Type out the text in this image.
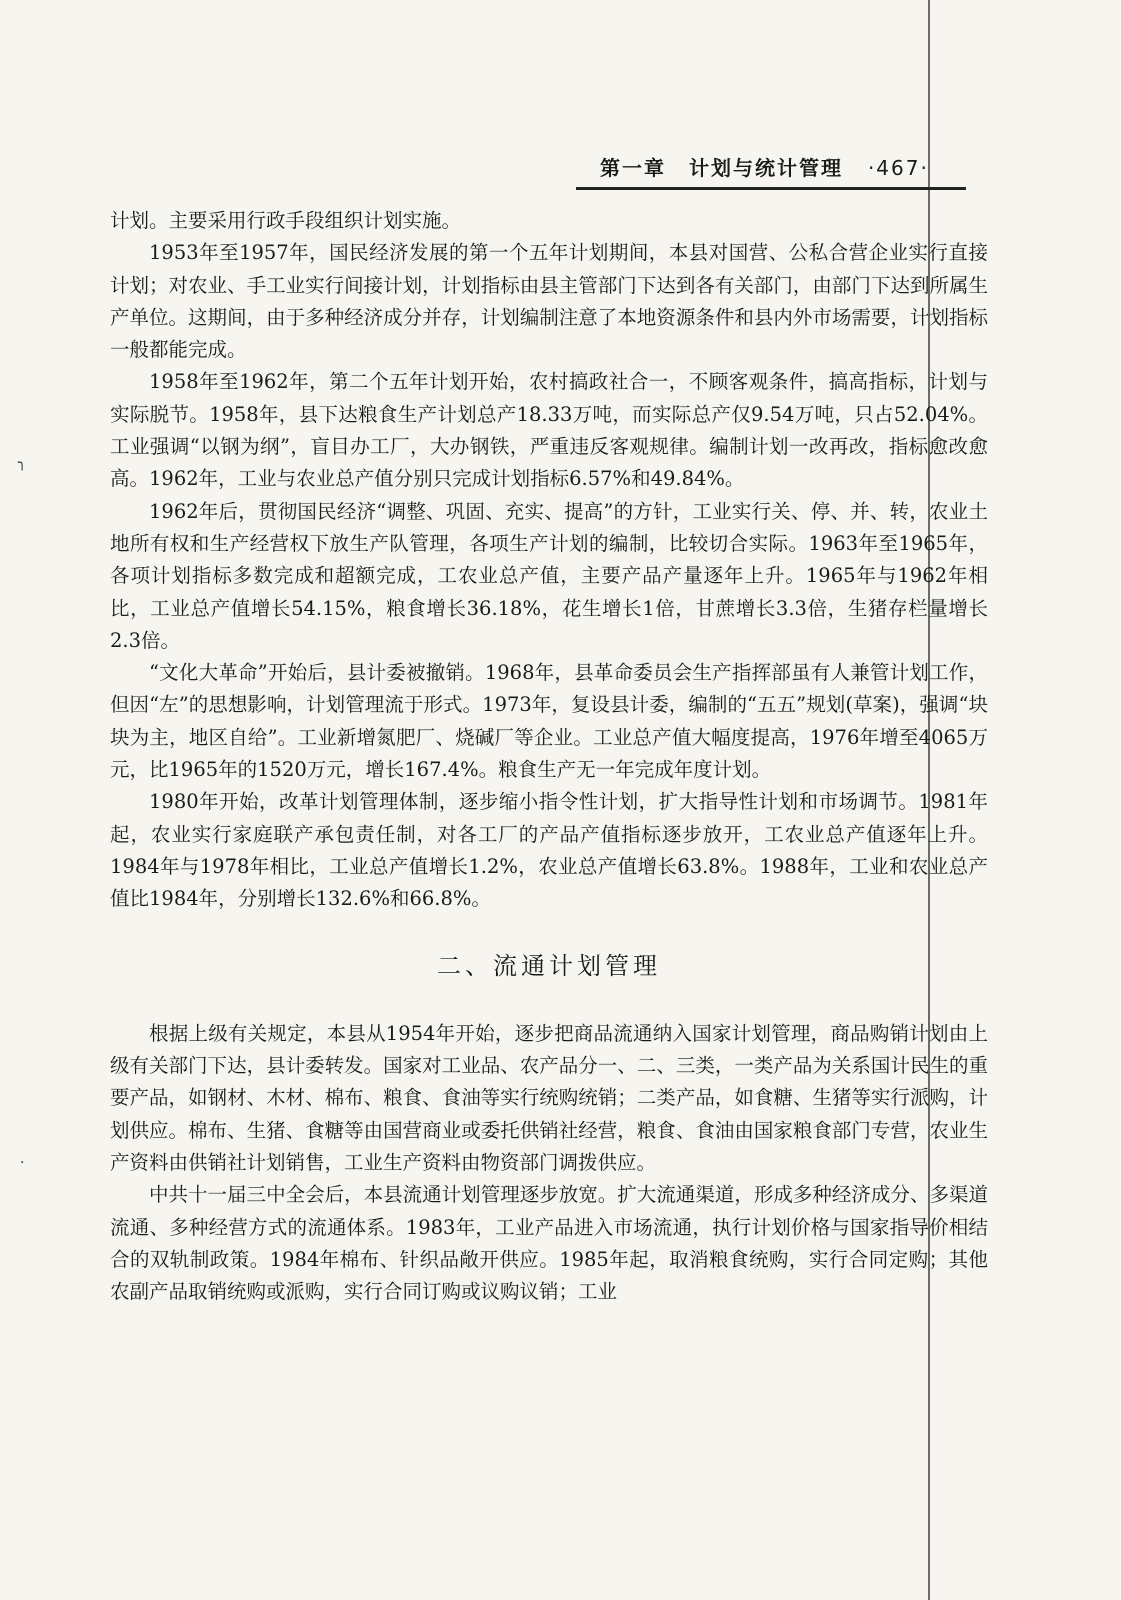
╮
·
第一章 计划与统计管理 ·467·

计划。主要采用行政手段组织计划实施。

1953年至1957年，国民经济发展的第一个五年计划期间，本县对国营、公私合营企业实行直接计划；对农业、手工业实行间接计划，计划指标由县主管部门下达到各有关部门，由部门下达到所属生产单位。这期间，由于多种经济成分并存，计划编制注意了本地资源条件和县内外市场需要，计划指标一般都能完成。

1958年至1962年，第二个五年计划开始，农村搞政社合一，不顾客观条件，搞高指标，计划与实际脱节。1958年，县下达粮食生产计划总产18.33万吨，而实际总产仅9.54万吨，只占52.04%。工业强调“以钢为纲”，盲目办工厂，大办钢铁，严重违反客观规律。编制计划一改再改，指标愈改愈高。1962年，工业与农业总产值分别只完成计划指标6.57%和49.84%。

1962年后，贯彻国民经济“调整、巩固、充实、提高”的方针，工业实行关、停、并、转，农业土地所有权和生产经营权下放生产队管理，各项生产计划的编制，比较切合实际。1963年至1965年，各项计划指标多数完成和超额完成，工农业总产值，主要产品产量逐年上升。1965年与1962年相比，工业总产值增长54.15%，粮食增长36.18%，花生增长1倍，甘蔗增长3.3倍，生猪存栏量增长2.3倍。

“文化大革命”开始后，县计委被撤销。1968年，县革命委员会生产指挥部虽有人兼管计划工作，但因“左”的思想影响，计划管理流于形式。1973年，复设县计委，编制的“五五”规划(草案)，强调“块块为主，地区自给”。工业新增氮肥厂、烧碱厂等企业。工业总产值大幅度提高，1976年增至4065万元，比1965年的1520万元，增长167.4%。粮食生产无一年完成年度计划。

1980年开始，改革计划管理体制，逐步缩小指令性计划，扩大指导性计划和市场调节。1981年起，农业实行家庭联产承包责任制，对各工厂的产品产值指标逐步放开，工农业总产值逐年上升。1984年与1978年相比，工业总产值增长1.2%，农业总产值增长63.8%。1988年，工业和农业总产值比1984年，分别增长132.6%和66.8%。

二、流通计划管理

根据上级有关规定，本县从1954年开始，逐步把商品流通纳入国家计划管理，商品购销计划由上级有关部门下达，县计委转发。国家对工业品、农产品分一、二、三类，一类产品为关系国计民生的重要产品，如钢材、木材、棉布、粮食、食油等实行统购统销；二类产品，如食糖、生猪等实行派购，计划供应。棉布、生猪、食糖等由国营商业或委托供销社经营，粮食、食油由国家粮食部门专营，农业生产资料由供销社计划销售，工业生产资料由物资部门调拨供应。

中共十一届三中全会后，本县流通计划管理逐步放宽。扩大流通渠道，形成多种经济成分、多渠道流通、多种经营方式的流通体系。1983年，工业产品进入市场流通，执行计划价格与国家指导价相结合的双轨制政策。1984年棉布、针织品敞开供应。1985年起，取消粮食统购，实行合同定购；其他农副产品取销统购或派购，实行合同订购或议购议销；工业
